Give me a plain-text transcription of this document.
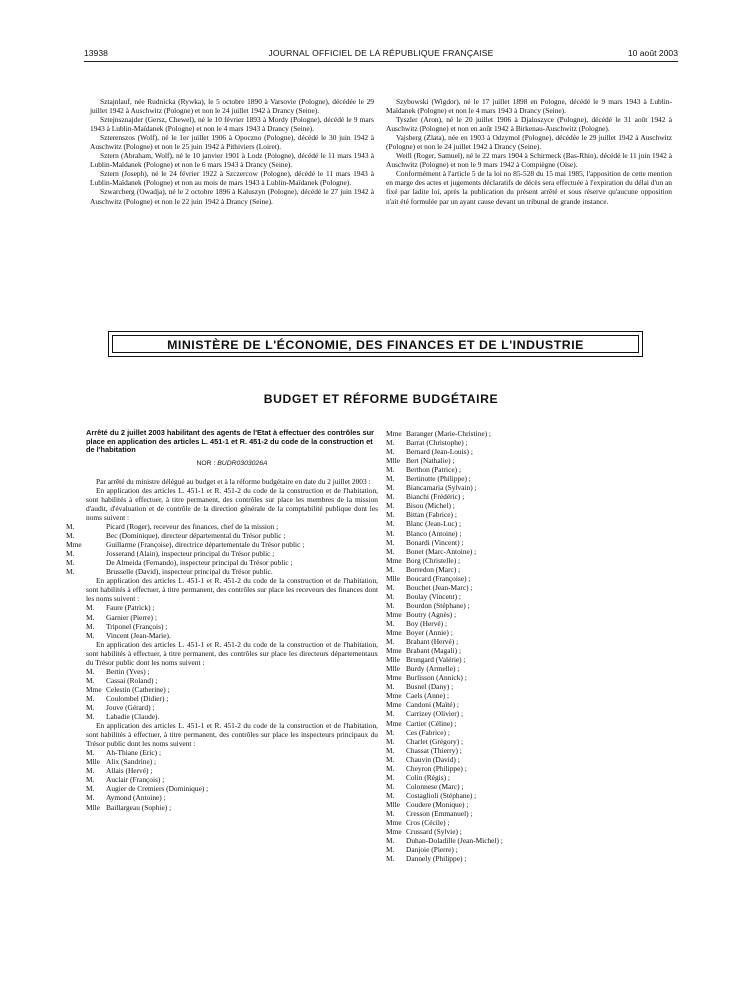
13938	JOURNAL OFFICIEL DE LA RÉPUBLIQUE FRANÇAISE	10 août 2003

Sztajnlauf, née Rudnicka (Rywka), le 5 octobre 1890 à Varsovie (Pologne), décédée le 29 juillet 1942 à Auschwitz (Pologne) et non le 24 juillet 1942 à Drancy (Seine).

Sztejnsznajder (Gersz, Chewel), né le 10 février 1893 à Mordy (Pologne), décédé le 9 mars 1943 à Lublin-Maïdanek (Pologne) et non le 4 mars 1943 à Drancy (Seine).

Szterenszos (Wolf), né le 1er juillet 1906 à Opoczno (Pologne), décédé le 30 juin 1942 à Auschwitz (Pologne) et non le 25 juin 1942 à Pithiviers (Loiret).

Sztern (Abraham, Wolf), né le 10 janvier 1901 à Lodz (Pologne), décédé le 11 mars 1943 à Lublin-Maïdanek (Pologne) et non le 6 mars 1943 à Drancy (Seine).

Sztern (Joseph), né le 24 février 1922 à Szczercow (Pologne), décédé le 11 mars 1943 à Lublin-Maïdanek (Pologne) et non au mois de mars 1943 à Lublin-Maïdanek (Pologne).

Szwarcberg (Owadja), né le 2 octobre 1896 à Kaluszyn (Pologne), décédé le 27 juin 1942 à Auschwitz (Pologne) et non le 22 juin 1942 à Drancy (Seine).

Szybowski (Wigdor), né le 17 juillet 1898 en Pologne, décédé le 9 mars 1943 à Lublin-Maïdanek (Pologne) et non le 4 mars 1943 à Drancy (Seine).

Tyszler (Aron), né le 20 juillet 1906 à Djaloszyce (Pologne), décédé le 31 août 1942 à Auschwitz (Pologne) et non en août 1942 à Birkenau-Auschwitz (Pologne).

Vajsberg (Zlata), née en 1903 à Odzymol (Pologne), décédée le 29 juillet 1942 à Auschwitz (Pologne) et non le 24 juillet 1942 à Drancy (Seine).

Weill (Roger, Samuel), né le 22 mars 1904 à Schirmeck (Bas-Rhin), décédé le 11 juin 1942 à Auschwitz (Pologne) et non le 9 mars 1942 à Compiègne (Oise).

Conformément à l'article 5 de la loi no 85-528 du 15 mai 1985, l'apposition de cette mention en marge des actes et jugements déclaratifs de décès sera effectuée à l'expiration du délai d'un an fixé par ladite loi, après la publication du présent arrêté et sous réserve qu'aucune opposition n'ait été formulée par un ayant cause devant un tribunal de grande instance.

MINISTÈRE DE L'ÉCONOMIE, DES FINANCES ET DE L'INDUSTRIE
BUDGET ET RÉFORME BUDGÉTAIRE
Arrêté du 2 juillet 2003 habilitant des agents de l'Etat à effectuer des contrôles sur place en application des articles L. 451-1 et R. 451-2 du code de la construction et de l'habitation
NOR : BUDR0303026A

Par arrêté du ministre délégué au budget et à la réforme budgétaire en date du 2 juillet 2003 :

En application des articles L. 451-1 et R. 451-2 du code de la construction et de l'habitation, sont habilités à effectuer, à titre permanent, des contrôles sur place les membres de la mission d'audit, d'évaluation et de contrôle de la direction générale de la comptabilité publique dont les noms suivent :

M.	Picard (Roger), receveur des finances, chef de la mission ;
M.	Bec (Dominique), directeur départemental du Trésor public ;
Mme	Guillarme (Françoise), directrice départementale du Trésor public ;
M.	Josserand (Alain), inspecteur principal du Trésor public ;
M.	De Almeida (Fernando), inspecteur principal du Trésor public ;
M.	Brusselle (David), inspecteur principal du Trésor public.

En application des articles L. 451-1 et R. 451-2 du code de la construction et de l'habitation, sont habilités à effectuer, à titre permanent, des contrôles sur place les receveurs des finances dont les noms suivent :

M. Faure (Patrick) ;
M. Garnier (Pierre) ;
M. Triponel (François) ;
M. Vincent (Jean-Marie).

En application des articles L. 451-1 et R. 451-2 du code de la construction et de l'habitation, sont habilités à effectuer, à titre permanent, des contrôles sur place les directeurs départementaux du Trésor public dont les noms suivent :

M. Bertin (Yves) ;
M. Cassai (Roland) ;
Mme Celestin (Catherine) ;
M. Coulombel (Didier) ;
M. Jouve (Gérard) ;
M. Labadie (Claude).

En application des articles L. 451-1 et R. 451-2 du code de la construction et de l'habitation, sont habilités à effectuer, à titre permanent, des contrôles sur place les inspecteurs principaux du Trésor public dont les noms suivent :

M. Ah-Thiane (Eric) ;
Mlle Alix (Sandrine) ;
M. Allais (Hervé) ;
M. Auclair (François) ;
M. Augier de Cremiers (Dominique) ;
M. Aymond (Antoine) ;
Mlle Baillargeau (Sophie) ;
Mme Baranger (Marie-Christine) ;
M. Barrat (Christophe) ;
M. Bernard (Jean-Louis) ;
Mlle Bert (Nathalie) ;
M. Berthon (Patrice) ;
M. Bertinotte (Philippe) ;
M. Biancamaria (Sylvain) ;
M. Bianchi (Frédéric) ;
M. Bisou (Michel) ;
M. Bittan (Fabrice) ;
M. Blanc (Jean-Luc) ;
M. Blanco (Antoine) ;
M. Bonardi (Vincent) ;
M. Bonet (Marc-Antoine) ;
Mme Borg (Christelle) ;
M. Borredon (Marc) ;
Mlle Boucard (Françoise) ;
M. Bouchet (Jean-Marc) ;
M. Boulay (Vincent) ;
M. Bourdon (Stéphane) ;
Mme Boutry (Agnès) ;
M. Boy (Hervé) ;
Mme Boyer (Annie) ;
M. Brabant (Hervé) ;
Mme Brabant (Magali) ;
Mlle Brungard (Valérie) ;
Mlle Burdy (Armelle) ;
Mme Burlisson (Annick) ;
M. Busnel (Dany) ;
Mme Caels (Anne) ;
Mme Candoni (Maïté) ;
M. Carrizey (Olivier) ;
Mme Cartier (Céline) ;
M. Ces (Fabrice) ;
M. Charlet (Grégory) ;
M. Chassat (Thierry) ;
M. Chauvin (David) ;
M. Cheyron (Philippe) ;
M. Colin (Régis) ;
M. Colonnese (Marc) ;
M. Costaglioli (Stéphane) ;
Mlle Coudere (Monique) ;
M. Cresson (Emmanuel) ;
Mme Cros (Cécile) ;
Mme Crussard (Sylvie) ;
M. Duhan-Doladille (Jean-Michel) ;
M. Danjoie (Pierre) ;
M. Dannely (Philippe) ;
